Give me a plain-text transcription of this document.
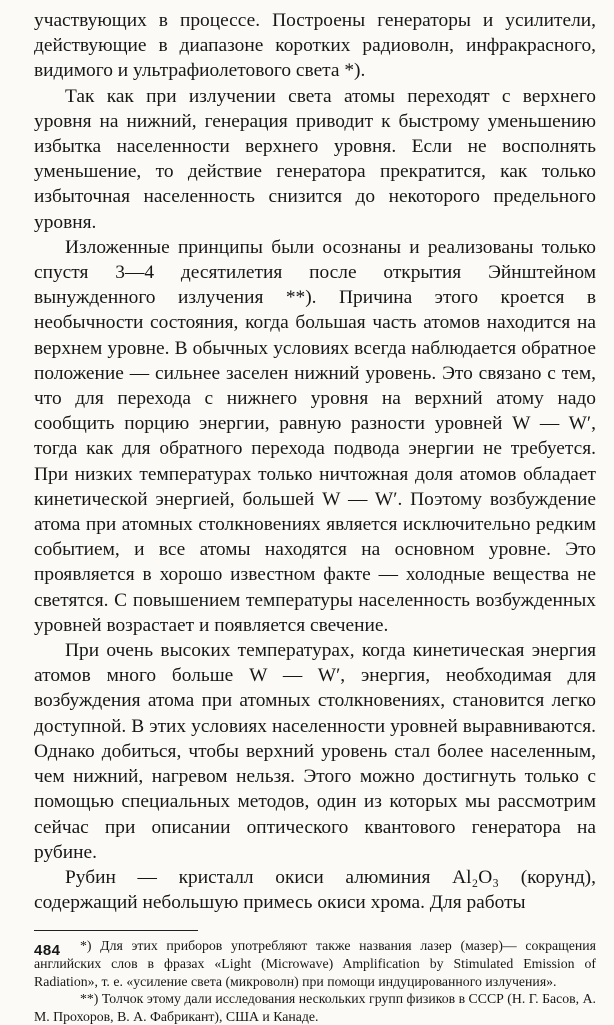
участвующих в процессе. Построены генераторы и усилители, действующие в диапазоне коротких радиоволн, инфракрасного, видимого и ультрафиолетового света *).

Так как при излучении света атомы переходят с верхнего уровня на нижний, генерация приводит к быстрому уменьшению избытка населенности верхнего уровня. Если не восполнять уменьшение, то действие генератора прекратится, как только избыточная населенность снизится до некоторого предельного уровня.

Изложенные принципы были осознаны и реализованы только спустя 3—4 десятилетия после открытия Эйнштейном вынужденного излучения **). Причина этого кроется в необычности состояния, когда большая часть атомов находится на верхнем уровне. В обычных условиях всегда наблюдается обратное положение — сильнее заселен нижний уровень. Это связано с тем, что для перехода с нижнего уровня на верхний атому надо сообщить порцию энергии, равную разности уровней W — W′, тогда как для обратного перехода подвода энергии не требуется. При низких температурах только ничтожная доля атомов обладает кинетической энергией, большей W — W′. Поэтому возбуждение атома при атомных столкновениях является исключительно редким событием, и все атомы находятся на основном уровне. Это проявляется в хорошо известном факте — холодные вещества не светятся. С повышением температуры населенность возбужденных уровней возрастает и появляется свечение.

При очень высоких температурах, когда кинетическая энергия атомов много больше W — W′, энергия, необходимая для возбуждения атома при атомных столкновениях, становится легко доступной. В этих условиях населенности уровней выравниваются. Однако добиться, чтобы верхний уровень стал более населенным, чем нижний, нагревом нельзя. Этого можно достигнуть только с помощью специальных методов, один из которых мы рассмотрим сейчас при описании оптического квантового генератора на рубине.

Рубин — кристалл окиси алюминия Al₂O₃ (корунд), содержащий небольшую примесь окиси хрома. Для работы

*) Для этих приборов употребляют также названия лазер (мазер)— сокращения английских слов в фразах «Light (Microwave) Amplification by Stimulated Emission of Radiation», т. е. «усиление света (микроволн) при помощи индуцированного излучения».

**) Толчок этому дали исследования нескольких групп физиков в СССР (Н. Г. Басов, А. М. Прохоров, В. А. Фабрикант), США и Канаде.

484
